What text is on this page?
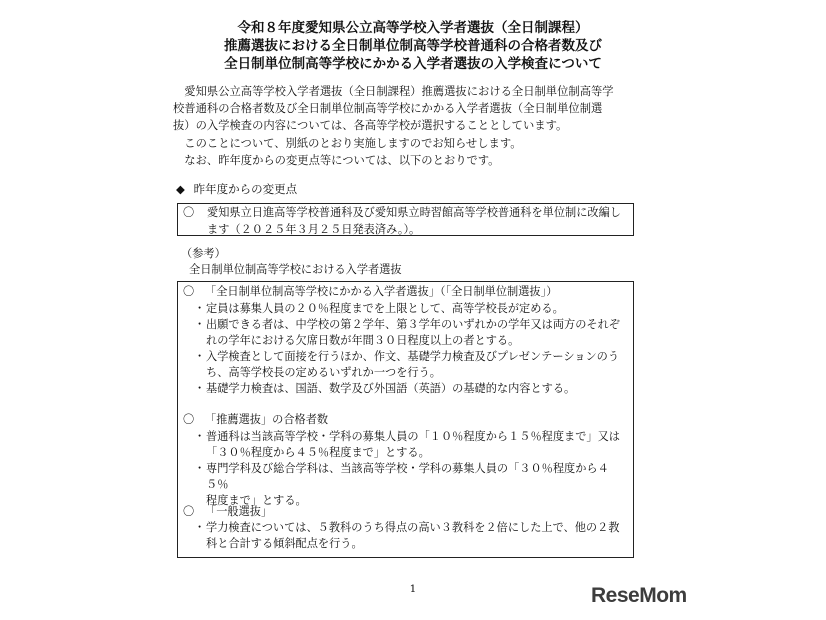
令和８年度愛知県公立高等学校入学者選抜（全日制課程）
推薦選抜における全日制単位制高等学校普通科の合格者数及び
全日制単位制高等学校にかかる入学者選抜の入学検査について

　愛知県公立高等学校入学者選抜（全日制課程）推薦選抜における全日制単位制高等学
校普通科の合格者数及び全日制単位制高等学校にかかる入学者選抜（全日制単位制選
抜）の入学検査の内容については、各高等学校が選択することとしています。

　このことについて、別紙のとおり実施しますのでお知らせします。

　なお、昨年度からの変更点等については、以下のとおりです。

◆ 昨年度からの変更点
〇 愛知県立日進高等学校普通科及び愛知県立時習館高等学校普通科を単位制に改編し
ます（２０２５年３月２５日発表済み。）。
（参考）
全日制単位制高等学校における入学者選抜
〇 「全日制単位制高等学校にかかる入学者選抜」（「全日制単位制選抜」）
・ 定員は募集人員の２０％程度までを上限として、高等学校長が定める。
・ 出願できる者は、中学校の第２学年、第３学年のいずれかの学年又は両方のそれぞ
れの学年における欠席日数が年間３０日程度以上の者とする。
・ 入学検査として面接を行うほか、作文、基礎学力検査及びプレゼンテーションのう
ち、高等学校長の定めるいずれか一つを行う。
・ 基礎学力検査は、国語、数学及び外国語（英語）の基礎的な内容とする。
〇 「推薦選抜」の合格者数
・ 普通科は当該高等学校・学科の募集人員の「１０％程度から１５％程度まで」又は
「３０％程度から４５％程度まで」とする。
・ 専門学科及び総合学科は、当該高等学校・学科の募集人員の「３０％程度から４５％
程度まで」とする。
〇 「一般選抜」
・ 学力検査については、５教科のうち得点の高い３教科を２倍にした上で、他の２教
科と合計する傾斜配点を行う。
1	ReseMom
